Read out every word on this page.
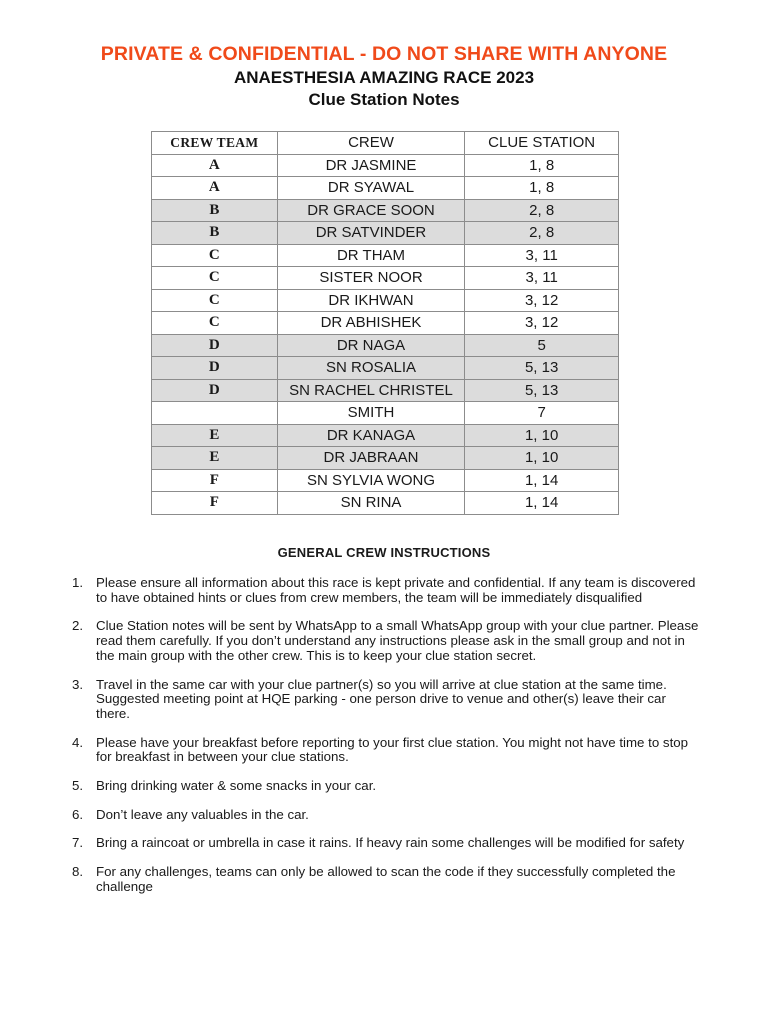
PRIVATE & CONFIDENTIAL - DO NOT SHARE WITH ANYONE
ANAESTHESIA AMAZING RACE 2023
Clue Station Notes
CREW TEAM	CREW	CLUE STATION
A	DR JASMINE	1, 8
A	DR SYAWAL	1, 8
B	DR GRACE SOON	2, 8
B	DR SATVINDER	2, 8
C	DR THAM	3, 11
C	SISTER NOOR	3, 11
C	DR IKHWAN	3, 12
C	DR ABHISHEK	3, 12
D	DR NAGA	5
D	SN ROSALIA	5, 13
D	SN RACHEL CHRISTEL	5, 13
	SMITH	7
E	DR KANAGA	1, 10
E	DR JABRAAN	1, 10
F	SN SYLVIA WONG	1, 14
F	SN RINA	1, 14
GENERAL CREW INSTRUCTIONS
1. Please ensure all information about this race is kept private and confidential. If any team is discovered to have obtained hints or clues from crew members, the team will be immediately disqualified
2. Clue Station notes will be sent by WhatsApp to a small WhatsApp group with your clue partner. Please read them carefully. If you don’t understand any instructions please ask in the small group and not in the main group with the other crew. This is to keep your clue station secret.
3. Travel in the same car with your clue partner(s) so you will arrive at clue station at the same time. Suggested meeting point at HQE parking - one person drive to venue and other(s) leave their car there.
4. Please have your breakfast before reporting to your first clue station. You might not have time to stop for breakfast in between your clue stations.
5. Bring drinking water & some snacks in your car.
6. Don’t leave any valuables in the car.
7. Bring a raincoat or umbrella in case it rains. If heavy rain some challenges will be modified for safety
8. For any challenges, teams can only be allowed to scan the code if they successfully completed the challenge
